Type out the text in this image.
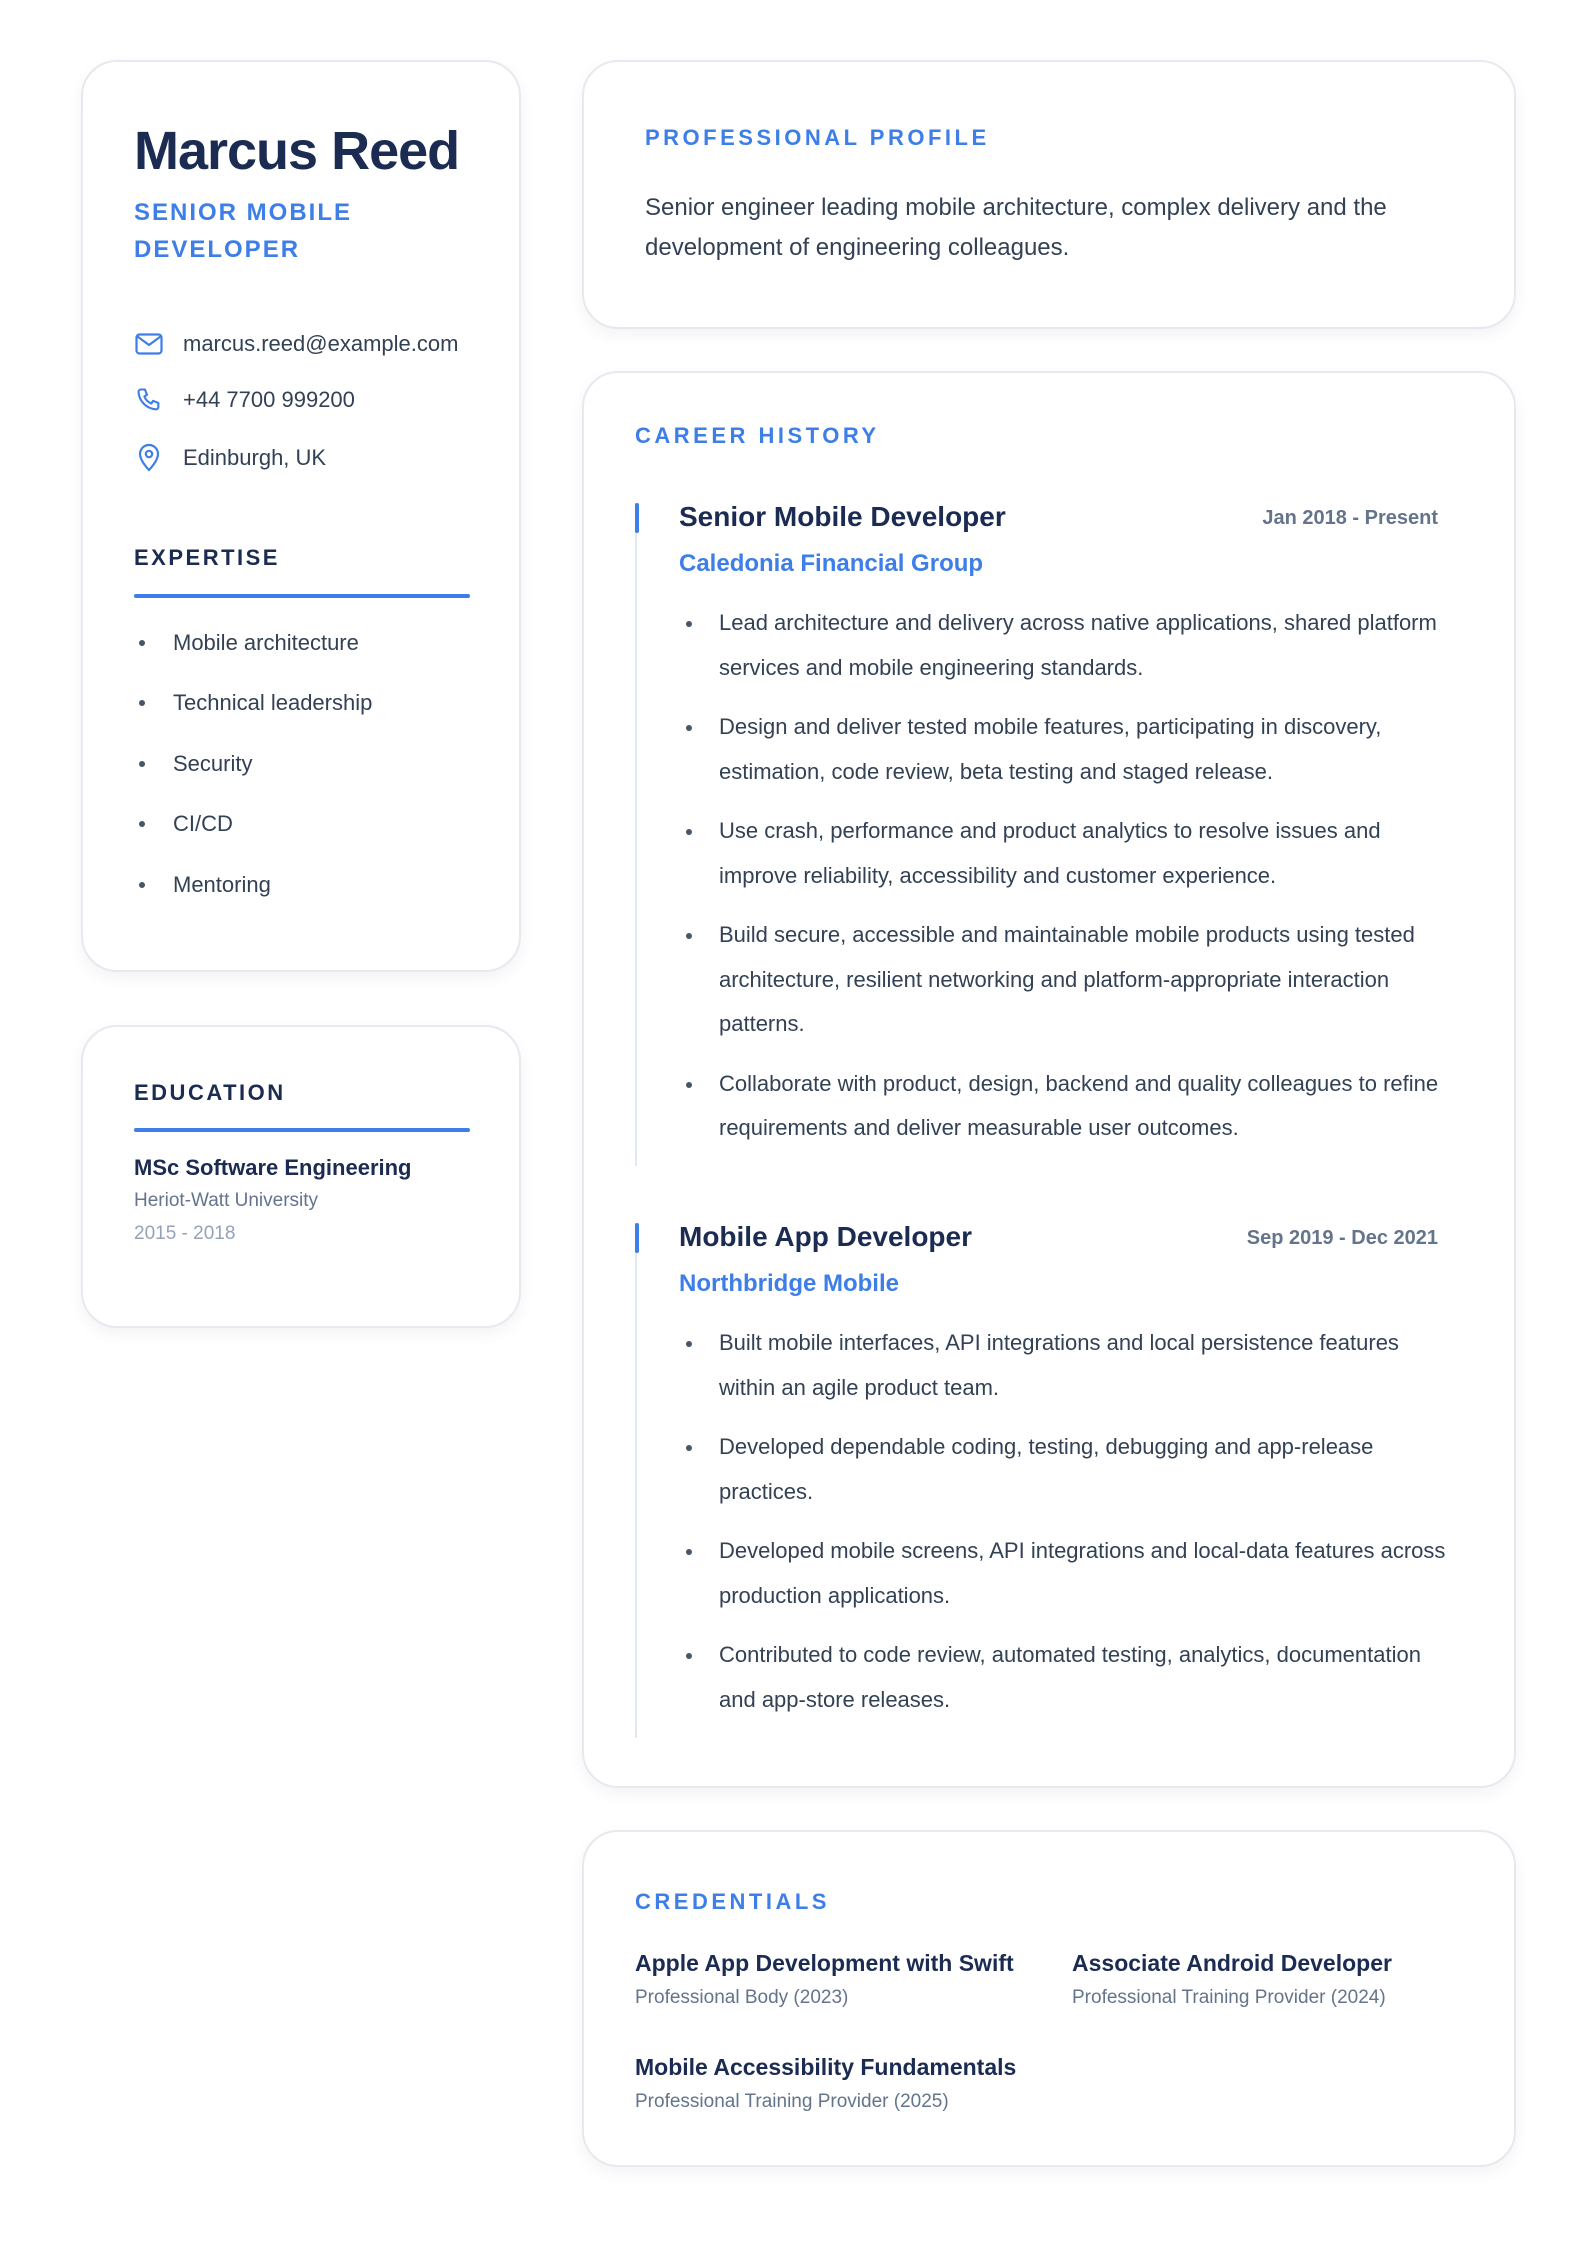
Marcus Reed
SENIOR MOBILE DEVELOPER
marcus.reed@example.com
+44 7700 999200
Edinburgh, UK
EXPERTISE
Mobile architecture
Technical leadership
Security
CI/CD
Mentoring
EDUCATION
MSc Software Engineering
Heriot-Watt University
2015 - 2018
PROFESSIONAL PROFILE
Senior engineer leading mobile architecture, complex delivery and the development of engineering colleagues.
CAREER HISTORY
Senior Mobile Developer	Jan 2018 - Present
Caledonia Financial Group
Lead architecture and delivery across native applications, shared platform services and mobile engineering standards.
Design and deliver tested mobile features, participating in discovery, estimation, code review, beta testing and staged release.
Use crash, performance and product analytics to resolve issues and improve reliability, accessibility and customer experience.
Build secure, accessible and maintainable mobile products using tested architecture, resilient networking and platform-appropriate interaction patterns.
Collaborate with product, design, backend and quality colleagues to refine requirements and deliver measurable user outcomes.
Mobile App Developer	Sep 2019 - Dec 2021
Northbridge Mobile
Built mobile interfaces, API integrations and local persistence features within an agile product team.
Developed dependable coding, testing, debugging and app-release practices.
Developed mobile screens, API integrations and local-data features across production applications.
Contributed to code review, automated testing, analytics, documentation and app-store releases.
CREDENTIALS
Apple App Development with Swift
Professional Body (2023)
Associate Android Developer
Professional Training Provider (2024)
Mobile Accessibility Fundamentals
Professional Training Provider (2025)
